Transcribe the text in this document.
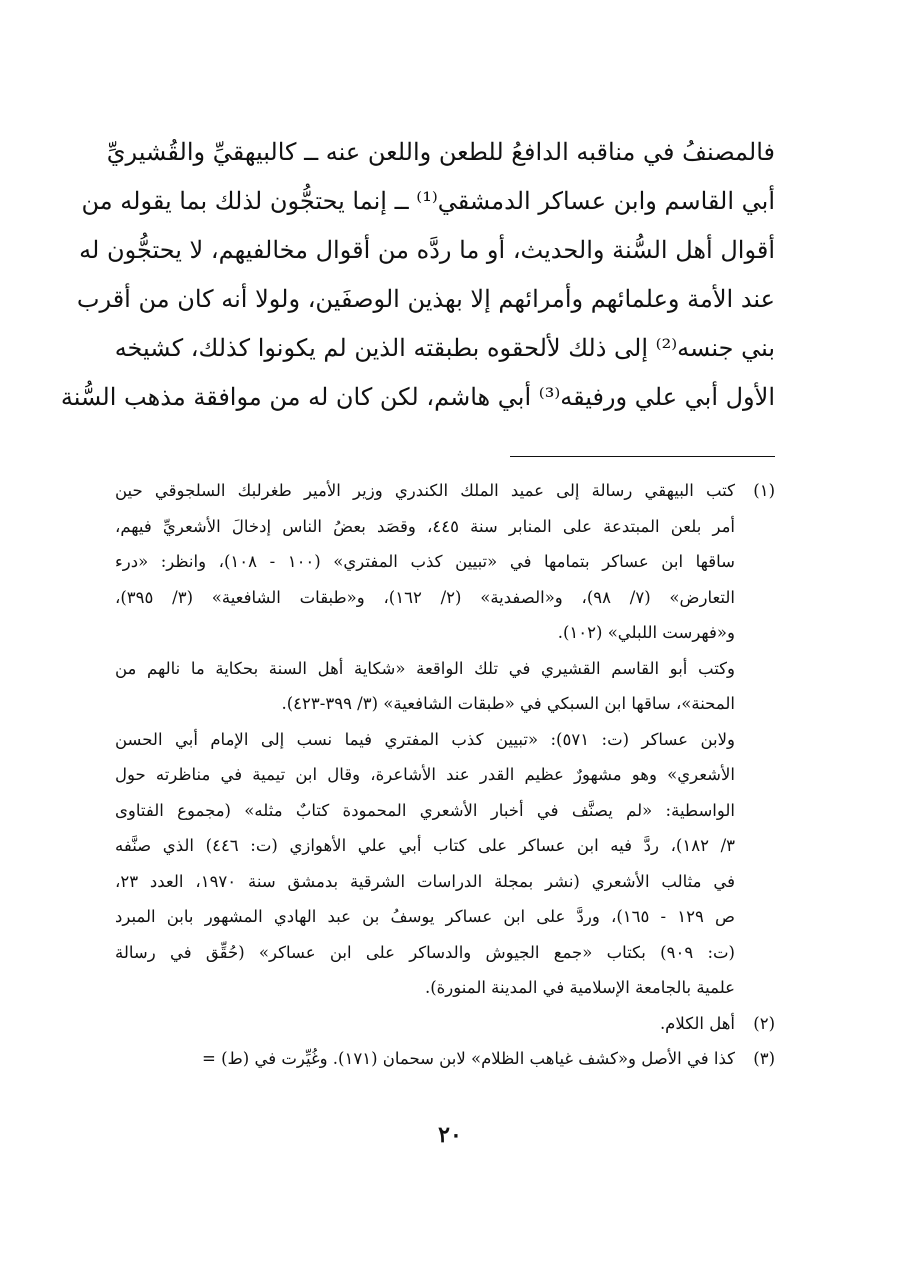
فالمصنفُ في مناقبه الدافعُ للطعن واللعن عنه ــ كالبيهقيِّ والقُشيريِّ
أبي القاسم وابن عساكر الدمشقي⁽¹⁾ ــ إنما يحتجُّون لذلك بما يقوله من
أقوال أهل السُّنة والحديث، أو ما ردَّه من أقوال مخالفيهم، لا يحتجُّون له
عند الأمة وعلمائهم وأمرائهم إلا بهذين الوصفَين، ولولا أنه كان من أقرب
بني جنسه⁽²⁾ إلى ذلك لألحقوه بطبقته الذين لم يكونوا كذلك، كشيخه
الأول أبي علي ورفيقه⁽³⁾ أبي هاشم، لكن كان له من موافقة مذهب السُّنة
(١)كتب البيهقي رسالة إلى عميد الملك الكندري وزير الأمير طغرلبك السلجوقي حين
أمر بلعن المبتدعة على المنابر سنة ٤٤٥، وقصَد بعضُ الناس إدخالَ الأشعريِّ فيهم،
ساقها ابن عساكر بتمامها في «تبيين كذب المفتري» (١٠٠ - ١٠٨)، وانظر: «درء
التعارض» (٧/ ٩٨)، و«الصفدية» (٢/ ١٦٢)، و«طبقات الشافعية» (٣/ ٣٩٥)،
و«فهرست اللبلي» (١٠٢).
وكتب أبو القاسم القشيري في تلك الواقعة «شكاية أهل السنة بحكاية ما نالهم من
المحنة»، ساقها ابن السبكي في «طبقات الشافعية» (٣/ ٣٩٩-٤٢٣).
ولابن عساكر (ت: ٥٧١): «تبيين كذب المفتري فيما نسب إلى الإمام أبي الحسن
الأشعري» وهو مشهورٌ عظيم القدر عند الأشاعرة، وقال ابن تيمية في مناظرته حول
الواسطية: «لم يصنَّف في أخبار الأشعري المحمودة كتابٌ مثله» (مجموع الفتاوى
٣/ ١٨٢)، ردَّ فيه ابن عساكر على كتاب أبي علي الأهوازي (ت: ٤٤٦) الذي صنَّفه
في مثالب الأشعري (نشر بمجلة الدراسات الشرقية بدمشق سنة ١٩٧٠، العدد ٢٣،
ص ١٢٩ - ١٦٥)، وردَّ على ابن عساكر يوسفُ بن عبد الهادي المشهور بابن المبرد
(ت: ٩٠٩) بكتاب «جمع الجيوش والدساكر على ابن عساكر» (حُقِّق في رسالة
علمية بالجامعة الإسلامية في المدينة المنورة).
(٢)أهل الكلام.
(٣)كذا في الأصل و«كشف غياهب الظلام» لابن سحمان (١٧١). وغُيِّرت في (ط) =
٢٠
